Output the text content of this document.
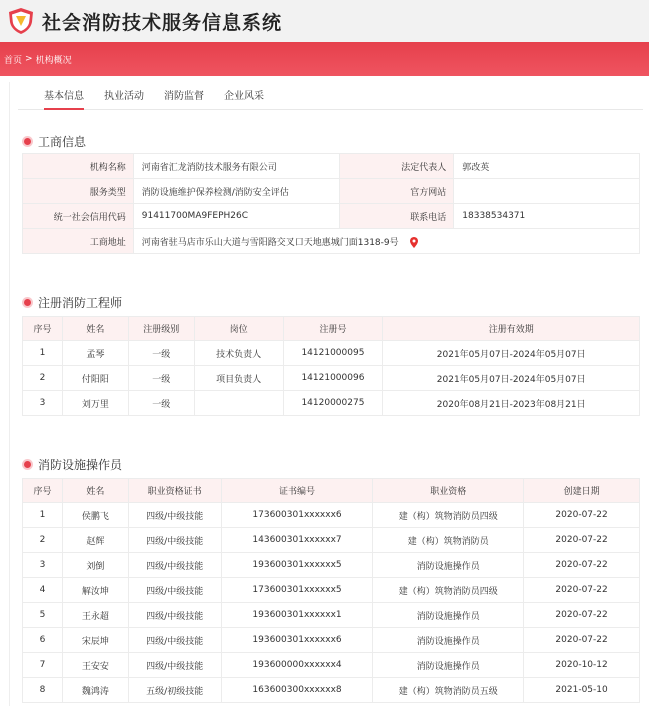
社会消防技术服务信息系统
首页 > 机构概况
基本信息 执业活动 消防监督 企业风采
工商信息
机构名称	河南省汇龙消防技术服务有限公司	法定代表人	郭改英
服务类型	消防设施维护保养检测/消防安全评估	官方网站	
统一社会信用代码	91411700MA9FEPH26C	联系电话	18338534371
工商地址	河南省驻马店市乐山大道与雪阳路交叉口天地惠城门面1318-9号		
注册消防工程师
序号	姓名	注册级别	岗位	注册号	注册有效期
1	孟琴	一级	技术负责人	14121000095	2021年05月07日-2024年05月07日
2	付阳阳	一级	项目负责人	14121000096	2021年05月07日-2024年05月07日
3	刘万里	一级		14120000275	2020年08月21日-2023年08月21日
消防设施操作员
序号	姓名	职业资格证书	证书编号	职业资格	创建日期
1	侯鹏飞	四级/中级技能	173600301xxxxxx6	建（构）筑物消防员四级	2020-07-22
2	赵辉	四级/中级技能	143600301xxxxxx7	建（构）筑物消防员	2020-07-22
3	刘倒	四级/中级技能	193600301xxxxxx5	消防设施操作员	2020-07-22
4	解汝坤	四级/中级技能	173600301xxxxxx5	建（构）筑物消防员四级	2020-07-22
5	王永超	四级/中级技能	193600301xxxxxx1	消防设施操作员	2020-07-22
6	宋辰坤	四级/中级技能	193600301xxxxxx6	消防设施操作员	2020-07-22
7	王安安	四级/中级技能	193600000xxxxxx4	消防设施操作员	2020-10-12
8	魏鸿涛	五级/初级技能	163600300xxxxxx8	建（构）筑物消防员五级	2021-05-10
